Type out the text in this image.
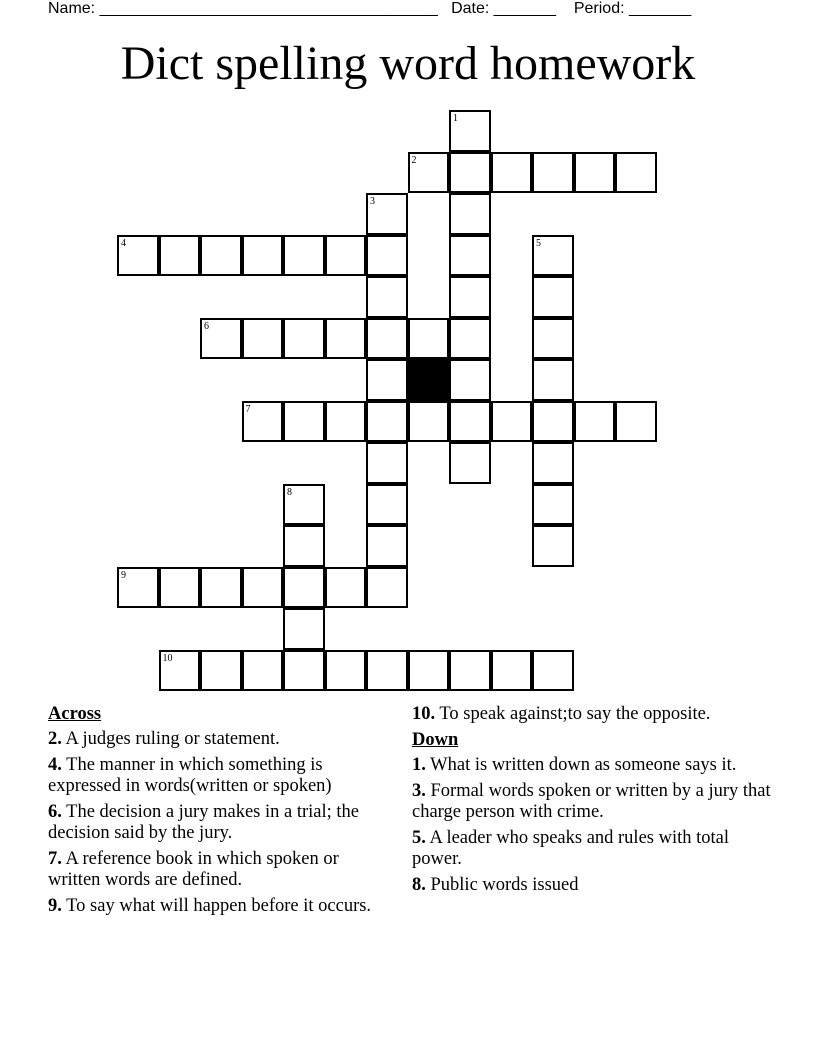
Name: ______________________________________ Date: _______ Period: _______
Dict spelling word homework
1
2
3
4	5
6
7
8
9
10
Across
2. A judges ruling or statement.
4. The manner in which something is expressed in words(written or spoken)
6. The decision a jury makes in a trial; the decision said by the jury.
7. A reference book in which spoken or written words are defined.
9. To say what will happen before it occurs.
10. To speak against;to say the opposite.
Down
1. What is written down as someone says it.
3. Formal words spoken or written by a jury that charge person with crime.
5. A leader who speaks and rules with total power.
8. Public words issued
